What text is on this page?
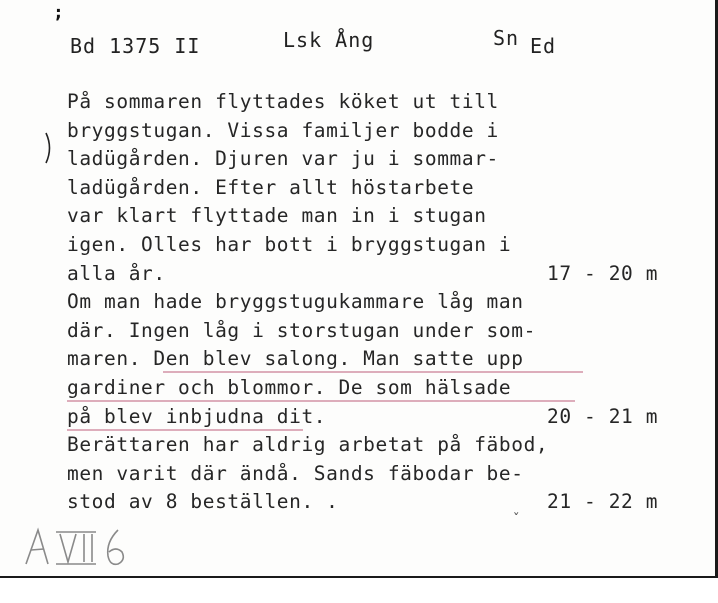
;
Bd 1375 II	Lsk Ång	Sn Ed

På sommaren flyttades köket ut till

bryggstugan. Vissa familjer bodde i

ladügården. Djuren var ju i sommar-

ladügården. Efter allt höstarbete

var klart flyttade man in i stugan

igen. Olles har bott i bryggstugan i

alla år.

	17 - 20 m

Om man hade bryggstugukammare låg man

där. Ingen låg i storstugan under som-

maren. Den blev salong. Man satte upp

gardiner och blommor. De som hälsade

på blev inbjudna dit.

	20 - 21 m

Berättaren har aldrig arbetat på fäbod,

men varit där ändå. Sands fäbodar be-

stod av 8 beställen. .

	21 - 22 m

ˇ
